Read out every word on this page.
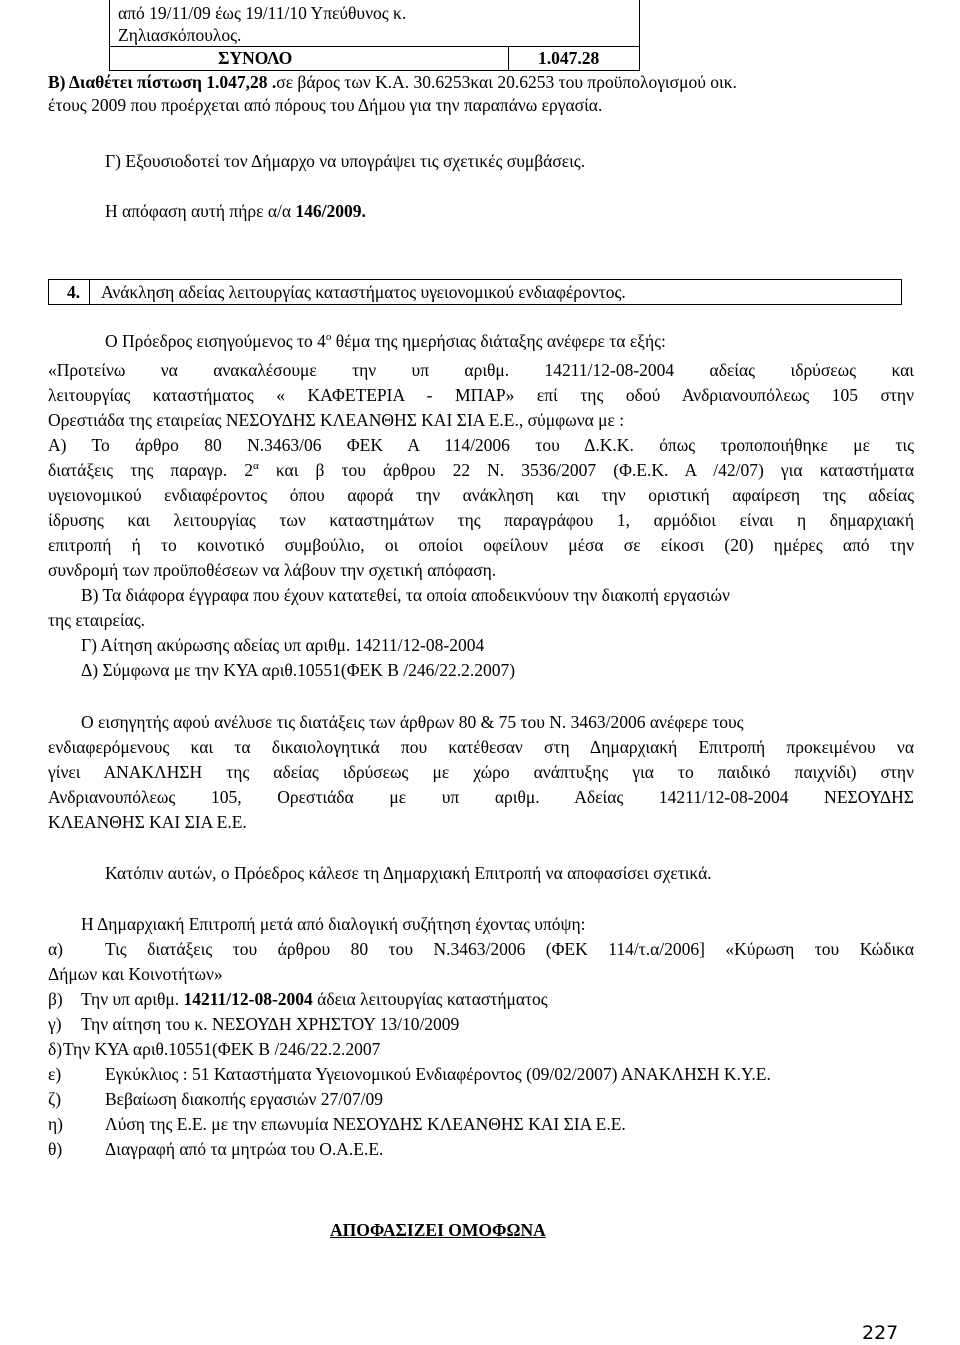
από 19/11/09 έως 19/11/10 Υπεύθυνος κ.
Ζηλιασκόπουλος.
ΣΥΝΟΛΟ	1.047.28
Β) Διαθέτει πίστωση 1.047,28 .σε βάρος των Κ.Α. 30.6253και 20.6253 του προϋπολογισμού οικ.
έτους 2009 που προέρχεται από πόρους του Δήμου για την παραπάνω εργασία.
Γ) Εξουσιοδοτεί τον Δήμαρχο να υπογράψει τις σχετικές συμβάσεις.
Η απόφαση αυτή πήρε α/α 146/2009.
4. Ανάκληση αδείας λειτουργίας καταστήματος υγειονομικού ενδιαφέροντος.
Ο Πρόεδρος εισηγούμενος το $4^o$ θέμα της ημερήσιας διάταξης ανέφερε τα εξής:
«Προτείνω να ανακαλέσουμε την υπ αριθμ. 14211/12-08-2004 αδείας ιδρύσεως και
λειτουργίας καταστήματος « ΚΑΦΕΤΕΡΙΑ - ΜΠΑΡ» επί της οδού Ανδριανουπόλεως 105 στην
Ορεστιάδα της εταιρείας ΝΕΣΟΥΔΗΣ ΚΛΕΑΝΘΗΣ ΚΑΙ ΣΙΑ Ε.Ε., σύμφωνα με :
Α) Το άρθρο 80 Ν.3463/06 ΦΕΚ Α 114/2006 του Δ.Κ.Κ. όπως τροποποιήθηκε με τις
διατάξεις της παραγρ. $2^\alpha$ και β του άρθρου 22 Ν. 3536/2007 (Φ.Ε.Κ. Α /42/07) για καταστήματα
υγειονομικού ενδιαφέροντος όπου αφορά την ανάκληση και την οριστική αφαίρεση της αδείας
ίδρυσης και λειτουργίας των καταστημάτων της παραγράφου 1, αρμόδιοι είναι η δημαρχιακή
επιτροπή ή το κοινοτικό συμβούλιο, οι οποίοι οφείλουν μέσα σε είκοσι (20) ημέρες από την
συνδρομή των προϋποθέσεων να λάβουν την σχετική απόφαση.
Β) Τα διάφορα έγγραφα που έχουν κατατεθεί, τα οποία αποδεικνύουν την διακοπή εργασιών
της εταιρείας.
Γ) Αίτηση ακύρωσης αδείας υπ αριθμ. 14211/12-08-2004
Δ) Σύμφωνα με την ΚΥΑ αριθ.10551(ΦΕΚ Β /246/22.2.2007)
Ο εισηγητής αφού ανέλυσε τις διατάξεις των άρθρων 80 & 75 του Ν. 3463/2006 ανέφερε τους
ενδιαφερόμενους και τα δικαιολογητικά που κατέθεσαν στη Δημαρχιακή Επιτροπή προκειμένου να
γίνει ΑΝΑΚΛΗΣΗ της αδείας ιδρύσεως με χώρο ανάπτυξης για το παιδικό παιχνίδι) στην
Ανδριανουπόλεως 105, Ορεστιάδα με υπ αριθμ. Αδείας 14211/12-08-2004 ΝΕΣΟΥΔΗΣ
ΚΛΕΑΝΘΗΣ ΚΑΙ ΣΙΑ Ε.Ε.
Κατόπιν αυτών, ο Πρόεδρος κάλεσε τη Δημαρχιακή Επιτροπή να αποφασίσει σχετικά.
Η Δημαρχιακή Επιτροπή μετά από διαλογική συζήτηση έχοντας υπόψη:
α) Τις διατάξεις του άρθρου 80 του Ν.3463/2006 (ΦΕΚ 114/τ.α/2006] «Κύρωση του Κώδικα
Δήμων και Κοινοτήτων»
β) Την υπ αριθμ. 14211/12-08-2004 άδεια λειτουργίας καταστήματος
γ) Την αίτηση του κ. ΝΕΣΟΥΔΗ ΧΡΗΣΤΟΥ 13/10/2009
δ) Την ΚΥΑ αριθ.10551(ΦΕΚ Β /246/22.2.2007
ε)	Εγκύκλιος : 51 Καταστήματα Υγειονομικού Ενδιαφέροντος (09/02/2007) ΑΝΑΚΛΗΣΗ Κ.Υ.Ε.
ζ)	Βεβαίωση διακοπής εργασιών 27/07/09
η) Λύση της Ε.Ε. με την επωνυμία ΝΕΣΟΥΔΗΣ ΚΛΕΑΝΘΗΣ ΚΑΙ ΣΙΑ Ε.Ε.
θ) Διαγραφή από τα μητρώα του Ο.Α.Ε.Ε.
ΑΠΟΦΑΣΙΖΕΙ ΟΜΟΦΩΝΑ
227
